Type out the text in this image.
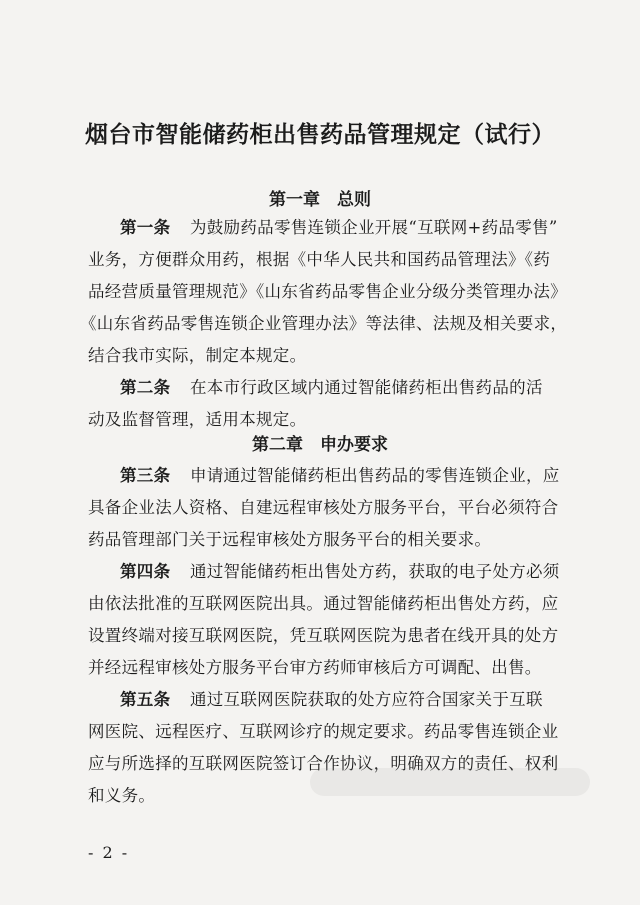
烟台市智能储药柜出售药品管理规定（试行）
第一章　总则
第一条 为鼓励药品零售连锁企业开展“互联网+药品零售”
业务，方便群众用药，根据《中华人民共和国药品管理法》《药
品经营质量管理规范》《山东省药品零售企业分级分类管理办法》
《山东省药品零售连锁企业管理办法》等法律、法规及相关要求，
结合我市实际，制定本规定。
第二条 在本市行政区域内通过智能储药柜出售药品的活
动及监督管理，适用本规定。
第二章　申办要求
第三条 申请通过智能储药柜出售药品的零售连锁企业，应
具备企业法人资格、自建远程审核处方服务平台，平台必须符合
药品管理部门关于远程审核处方服务平台的相关要求。
第四条 通过智能储药柜出售处方药，获取的电子处方必须
由依法批准的互联网医院出具。通过智能储药柜出售处方药，应
设置终端对接互联网医院，凭互联网医院为患者在线开具的处方
并经远程审核处方服务平台审方药师审核后方可调配、出售。
第五条 通过互联网医院获取的处方应符合国家关于互联
网医院、远程医疗、互联网诊疗的规定要求。药品零售连锁企业
应与所选择的互联网医院签订合作协议，明确双方的责任、权利
和义务。
- 2 -
